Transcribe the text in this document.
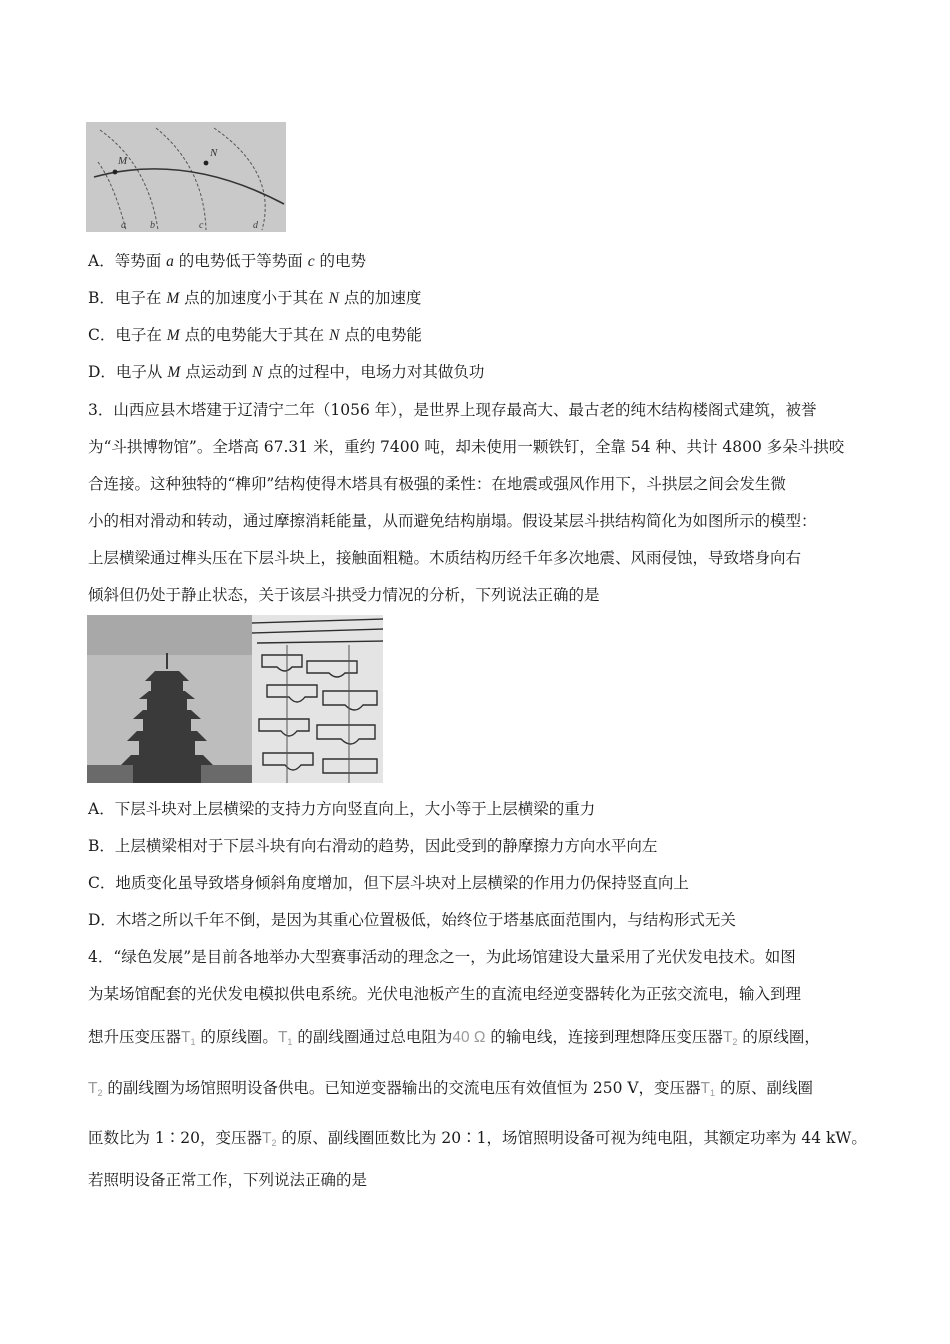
M
N
a b	c	d
A．等势面 a 的电势低于等势面 c 的电势
B．电子在 M 点的加速度小于其在 N 点的加速度
C．电子在 M 点的电势能大于其在 N 点的电势能
D．电子从 M 点运动到 N 点的过程中，电场力对其做负功
3．山西应县木塔建于辽清宁二年（1056 年），是世界上现存最高大、最古老的纯木结构楼阁式建筑，被誉
为“斗拱博物馆”。全塔高 67.31 米，重约 7400 吨，却未使用一颗铁钉，全靠 54 种、共计 4800 多朵斗拱咬
合连接。这种独特的“榫卯”结构使得木塔具有极强的柔性：在地震或强风作用下，斗拱层之间会发生微
小的相对滑动和转动，通过摩擦消耗能量，从而避免结构崩塌。假设某层斗拱结构简化为如图所示的模型：
上层横梁通过榫头压在下层斗块上，接触面粗糙。木质结构历经千年多次地震、风雨侵蚀，导致塔身向右
倾斜但仍处于静止状态，关于该层斗拱受力情况的分析，下列说法正确的是
A．下层斗块对上层横梁的支持力方向竖直向上，大小等于上层横梁的重力
B．上层横梁相对于下层斗块有向右滑动的趋势，因此受到的静摩擦力方向水平向左
C．地质变化虽导致塔身倾斜角度增加，但下层斗块对上层横梁的作用力仍保持竖直向上
D．木塔之所以千年不倒，是因为其重心位置极低，始终位于塔基底面范围内，与结构形式无关
4．“绿色发展”是目前各地举办大型赛事活动的理念之一，为此场馆建设大量采用了光伏发电技术。如图
为某场馆配套的光伏发电模拟供电系统。光伏电池板产生的直流电经逆变器转化为正弦交流电，输入到理
想升压变压器$T_1$ 的原线圈。$T_1$ 的副线圈通过总电阻为40 Ω 的输电线，连接到理想降压变压器$T_2$ 的原线圈，
$T_2$ 的副线圈为场馆照明设备供电。已知逆变器输出的交流电压有效值恒为 250 V，变压器$T_1$ 的原、副线圈
匝数比为 1∶20，变压器$T_2$ 的原、副线圈匝数比为 20∶1，场馆照明设备可视为纯电阻，其额定功率为 44 kW。
若照明设备正常工作，下列说法正确的是
